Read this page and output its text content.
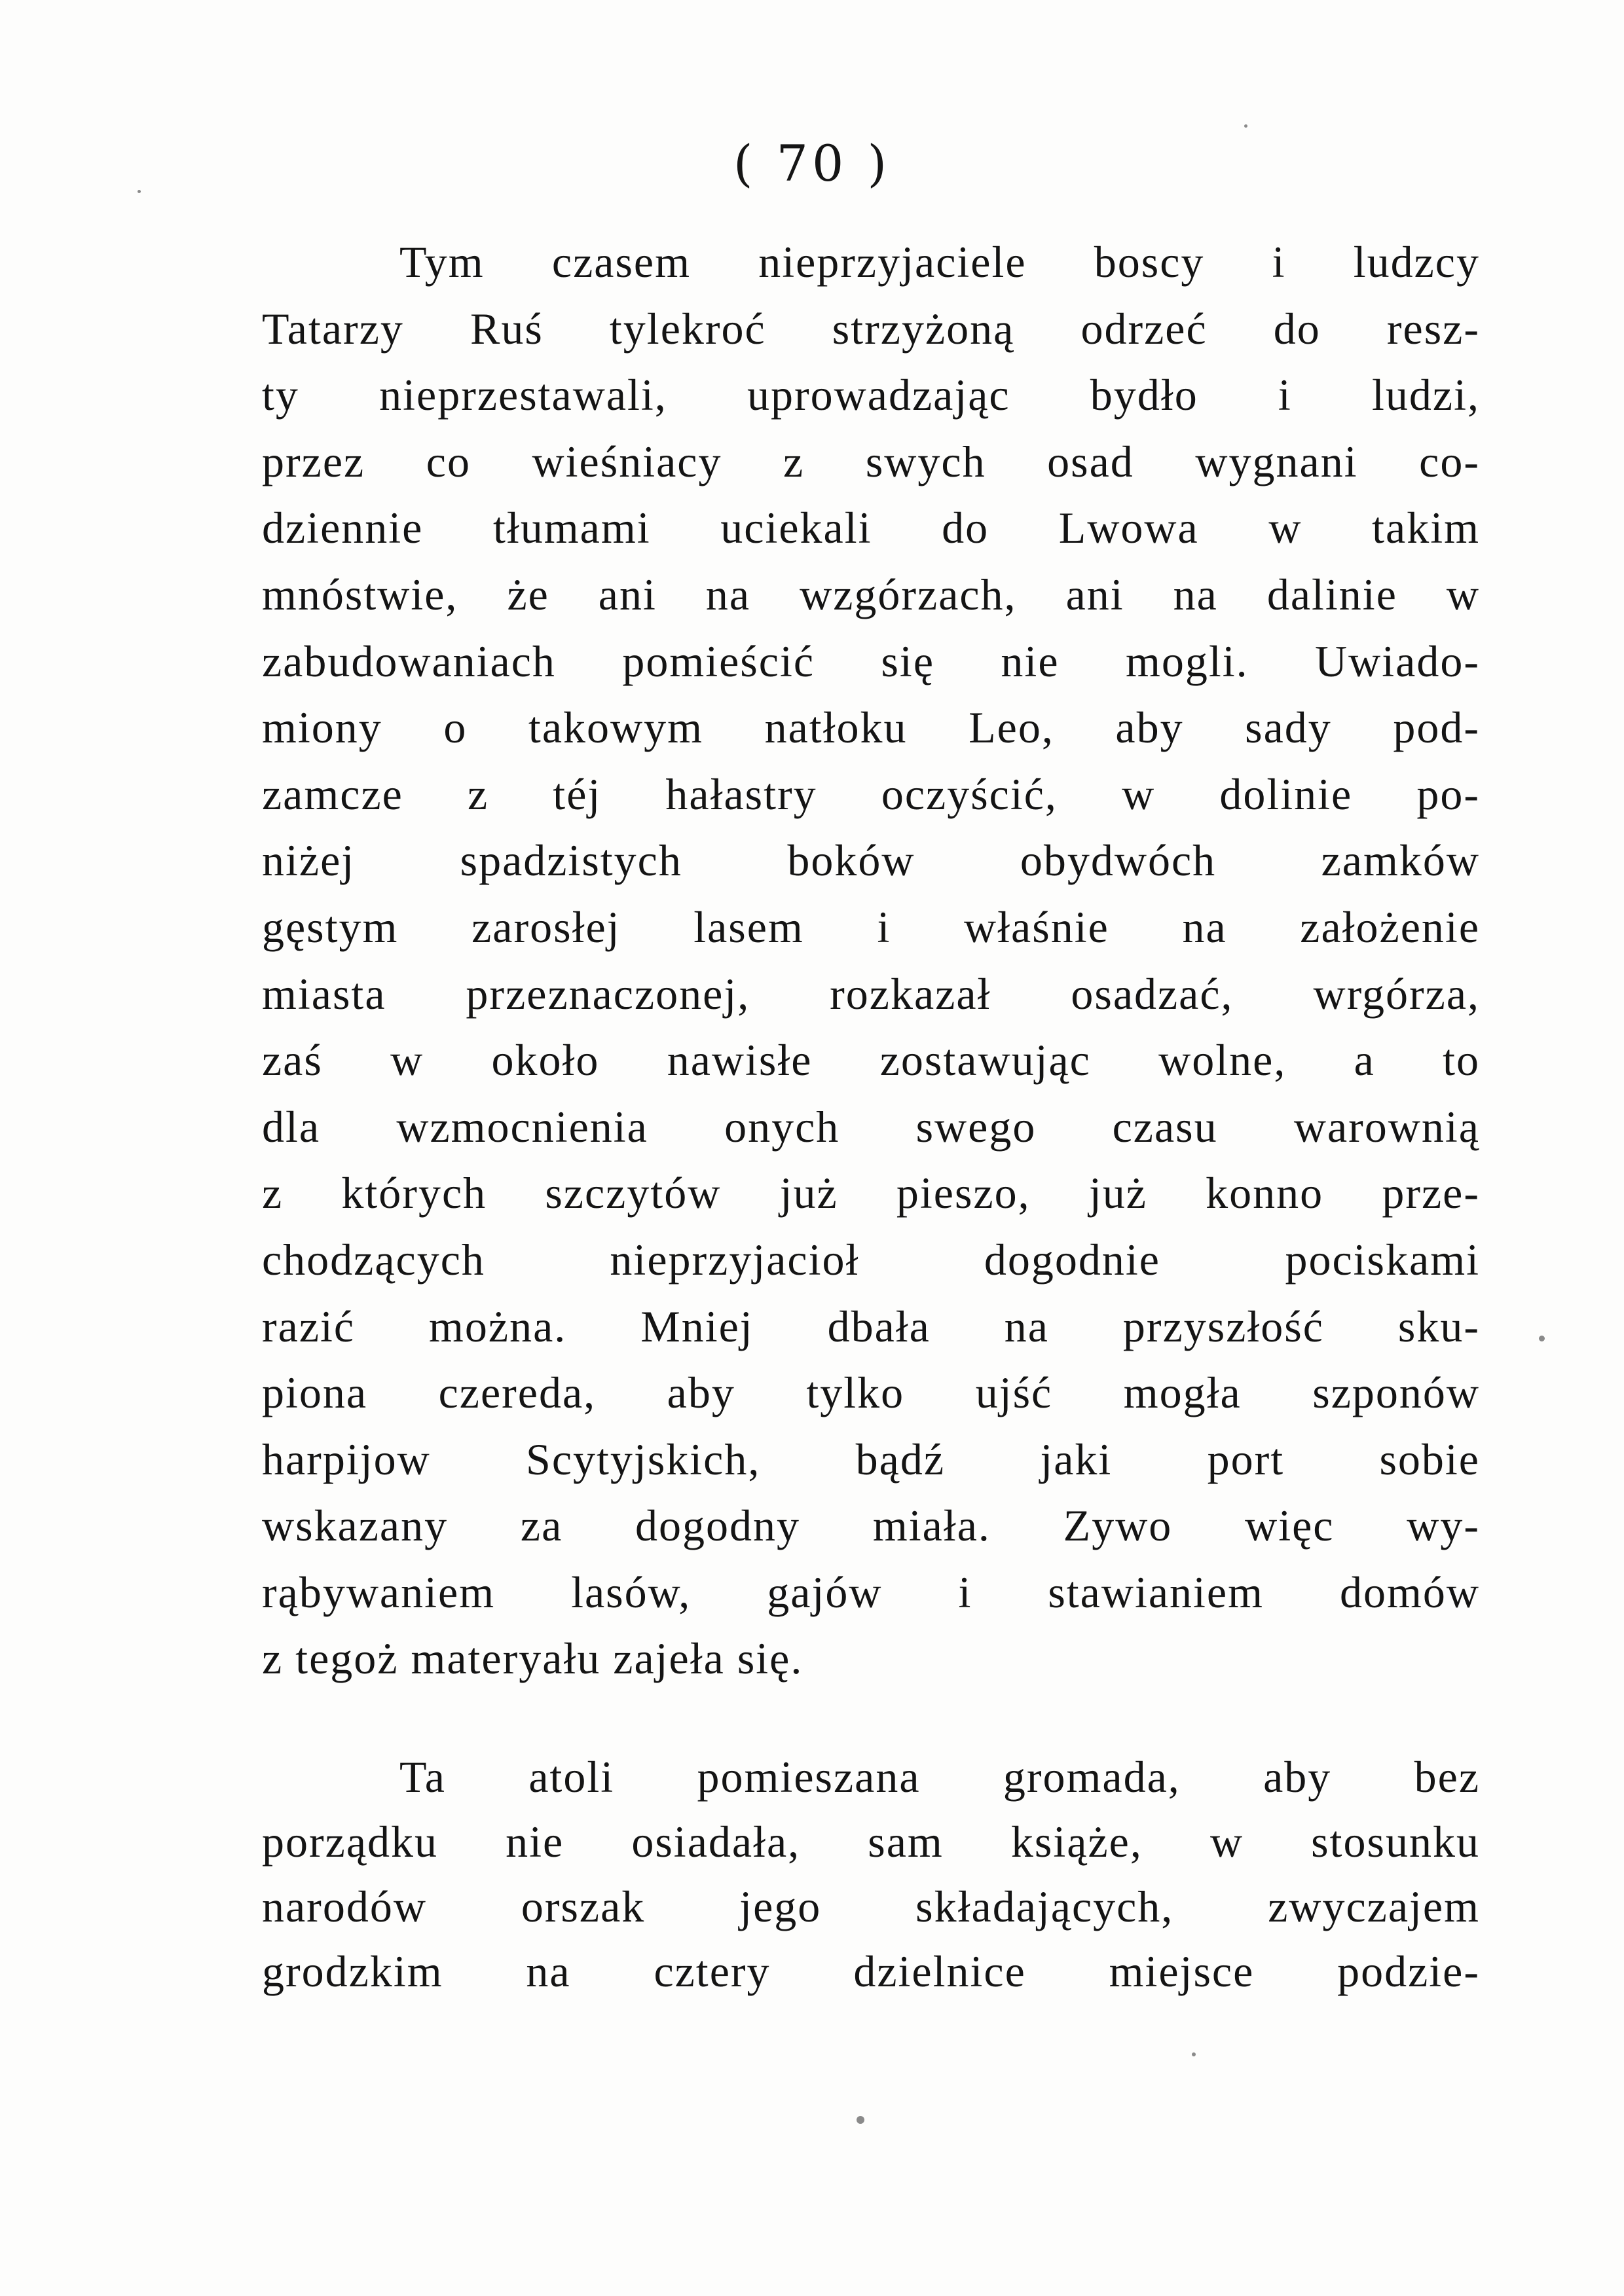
( 70 )
Tym czasem nieprzyjaciele boscy i ludzcy
Tatarzy Ruś tylekroć strzyżoną odrzeć do resz-
ty nieprzestawali, uprowadzając bydło i ludzi,
przez co wieśniacy z swych osad wygnani co-
dziennie tłumami uciekali do Lwowa w takim
mnóstwie, że ani na wzgórzach, ani na dalinie w
zabudowaniach pomieścić się nie mogli. Uwiado-
miony o takowym natłoku Leo, aby sady pod-
zamcze z téj hałastry oczyścić, w dolinie po-
niżej spadzistych boków obydwóch zamków
gęstym zarosłej lasem i właśnie na założenie
miasta przeznaczonej, rozkazał osadzać, wrgórza,
zaś w około nawisłe zostawując wolne, a to
dla wzmocnienia onych swego czasu warownią
z których szczytów już pieszo, już konno prze-
chodzących nieprzyjacioł dogodnie pociskami
razić można. Mniej dbała na przyszłość sku-
piona czereda, aby tylko ujść mogła szponów
harpijow Scytyjskich, bądź jaki port sobie
wskazany za dogodny miała. Zywo więc wy-
rąbywaniem lasów, gajów i stawianiem domów
z tegoż materyału zajeła się.
Ta atoli pomieszana gromada, aby bez
porządku nie osiadała, sam książe, w stosunku
narodów orszak jego składających, zwyczajem
grodzkim na cztery dzielnice miejsce podzie-
